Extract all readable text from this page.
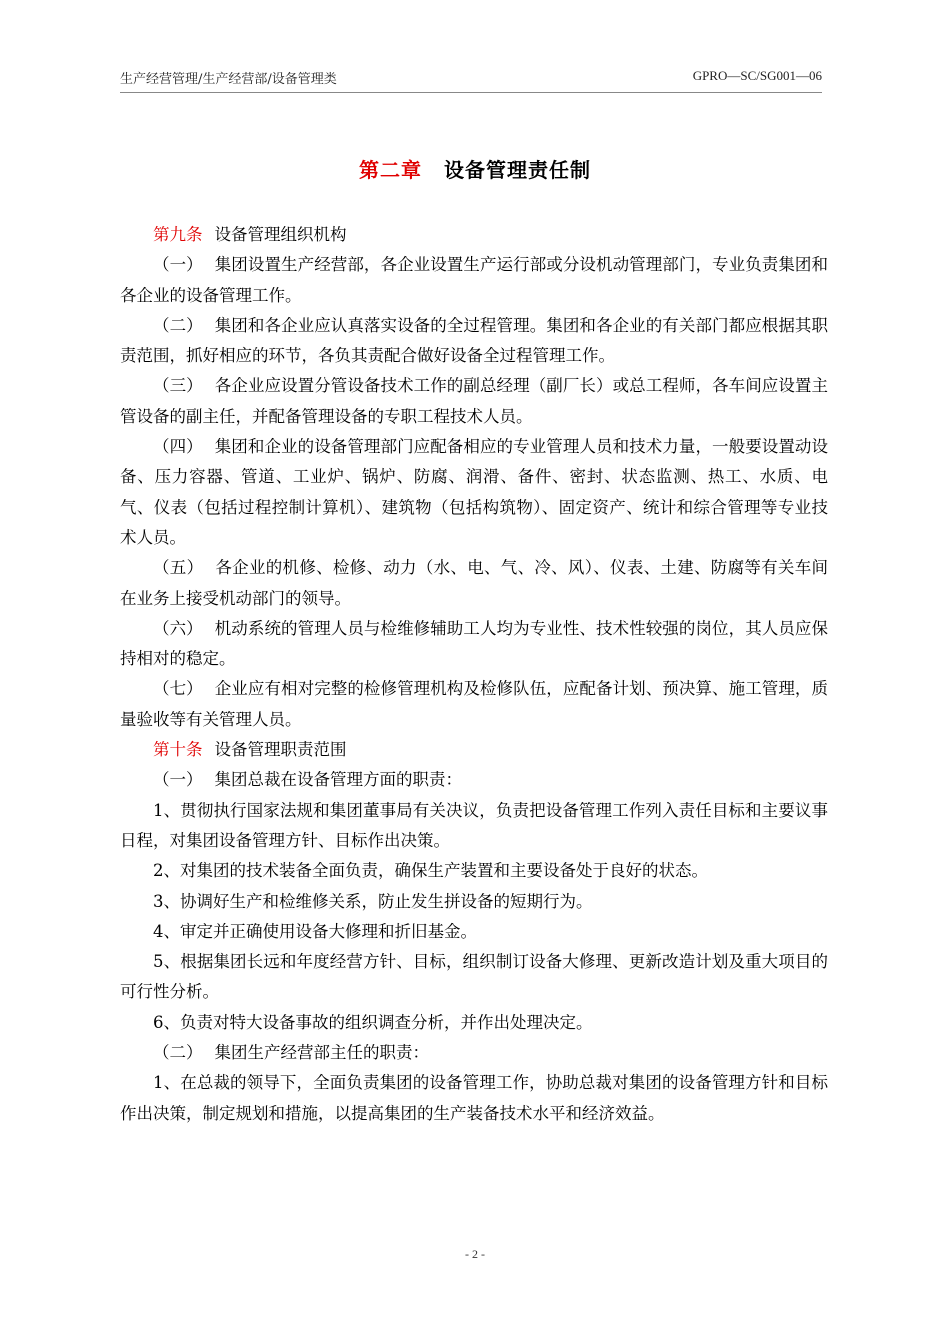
生产经营管理/生产经营部/设备管理类	GPRO—SC/SG001—06
第二章 设备管理责任制

第九条 设备管理组织机构

（一） 集团设置生产经营部，各企业设置生产运行部或分设机动管理部门，专业负责集团和各企业的设备管理工作。

（二） 集团和各企业应认真落实设备的全过程管理。集团和各企业的有关部门都应根据其职责范围，抓好相应的环节，各负其责配合做好设备全过程管理工作。

（三） 各企业应设置分管设备技术工作的副总经理（副厂长）或总工程师，各车间应设置主管设备的副主任，并配备管理设备的专职工程技术人员。

（四） 集团和企业的设备管理部门应配备相应的专业管理人员和技术力量，一般要设置动设备、压力容器、管道、工业炉、锅炉、防腐、润滑、备件、密封、状态监测、热工、水质、电气、仪表（包括过程控制计算机）、建筑物（包括构筑物）、固定资产、统计和综合管理等专业技术人员。

（五） 各企业的机修、检修、动力（水、电、气、冷、风）、仪表、土建、防腐等有关车间在业务上接受机动部门的领导。

（六） 机动系统的管理人员与检维修辅助工人均为专业性、技术性较强的岗位，其人员应保持相对的稳定。

（七） 企业应有相对完整的检修管理机构及检修队伍，应配备计划、预决算、施工管理，质量验收等有关管理人员。

第十条 设备管理职责范围

（一） 集团总裁在设备管理方面的职责：

1、贯彻执行国家法规和集团董事局有关决议，负责把设备管理工作列入责任目标和主要议事日程，对集团设备管理方针、目标作出决策。

2、对集团的技术装备全面负责，确保生产装置和主要设备处于良好的状态。

3、协调好生产和检维修关系，防止发生拼设备的短期行为。

4、审定并正确使用设备大修理和折旧基金。

5、根据集团长远和年度经营方针、目标，组织制订设备大修理、更新改造计划及重大项目的可行性分析。

6、负责对特大设备事故的组织调查分析，并作出处理决定。

（二） 集团生产经营部主任的职责：

1、在总裁的领导下，全面负责集团的设备管理工作，协助总裁对集团的设备管理方针和目标作出决策，制定规划和措施，以提高集团的生产装备技术水平和经济效益。

- 2 -
